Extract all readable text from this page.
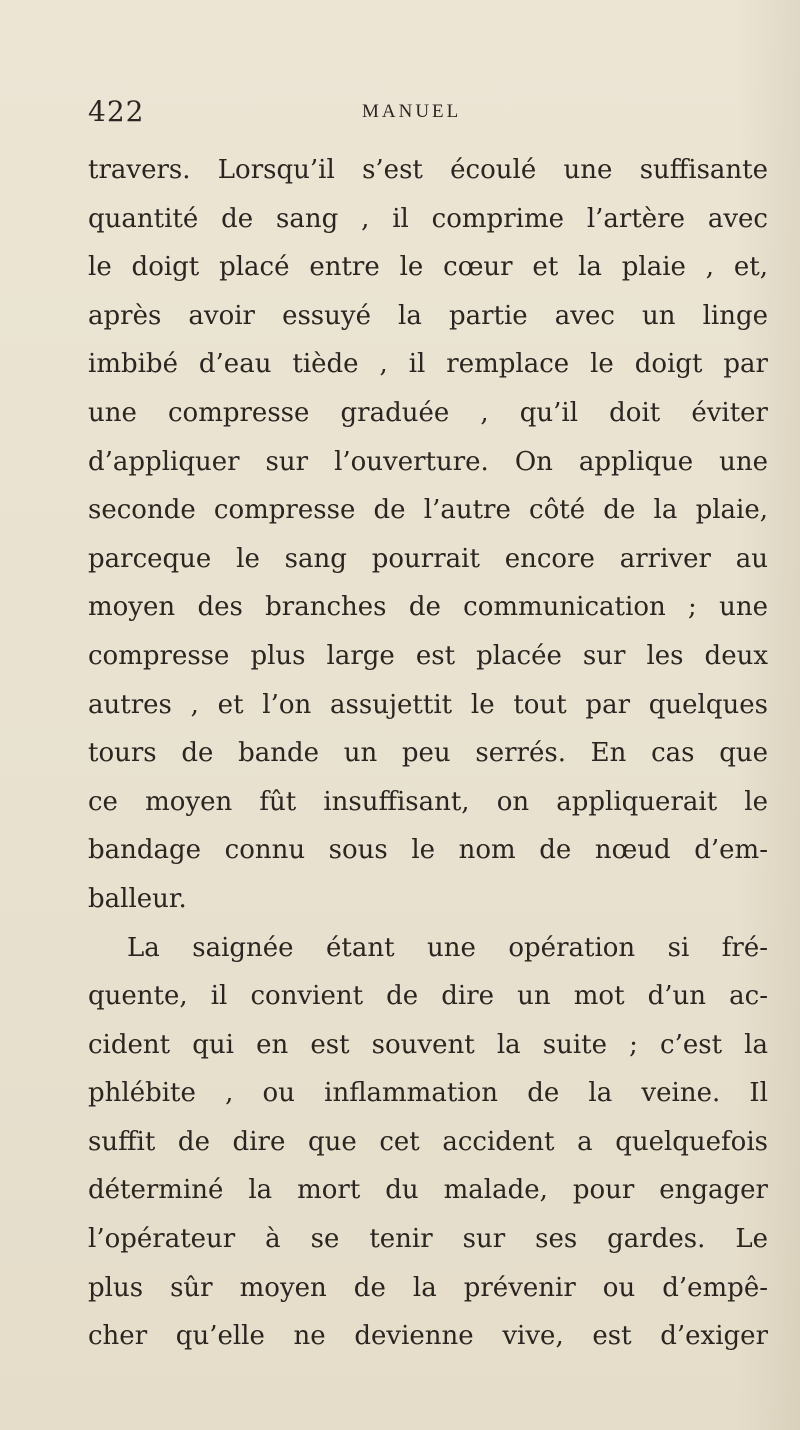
422	MANUEL
travers. Lorsqu’il s’est écoulé une suffisante
quantité de sang , il comprime l’artère avec
le doigt placé entre le cœur et la plaie , et,
après avoir essuyé la partie avec un linge
imbibé d’eau tiède , il remplace le doigt par
une compresse graduée , qu’il doit éviter
d’appliquer sur l’ouverture. On applique une
seconde compresse de l’autre côté de la plaie,
parceque le sang pourrait encore arriver au
moyen des branches de communication ; une
compresse plus large est placée sur les deux
autres , et l’on assujettit le tout par quelques
tours de bande un peu serrés. En cas que
ce moyen fût insuffisant, on appliquerait le
bandage connu sous le nom de nœud d’em-
balleur.
La saignée étant une opération si fré-
quente, il convient de dire un mot d’un ac-
cident qui en est souvent la suite ; c’est la
phlébite , ou inflammation de la veine. Il
suffit de dire que cet accident a quelquefois
déterminé la mort du malade, pour engager
l’opérateur à se tenir sur ses gardes. Le
plus sûr moyen de la prévenir ou d’empê-
cher qu’elle ne devienne vive, est d’exiger
